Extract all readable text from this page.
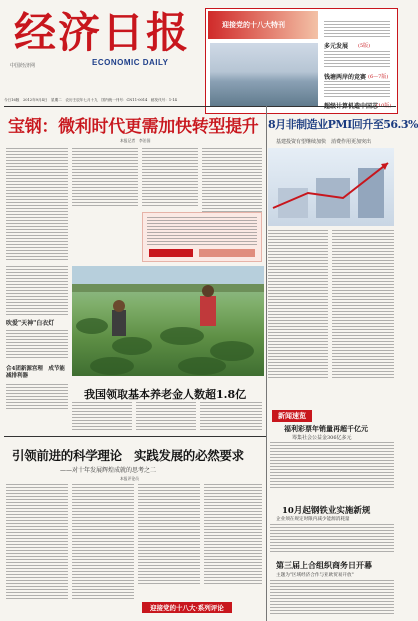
经济日报
中国经济网	ECONOMIC DAILY
迎接党的十八大特刊
多元发展 (5版)
钱塘两岸的竞赛 (6—7版)
今日16版　2012年9月4日　星期二　农历壬辰年七月十九　国内统一刊号：CN11-0014　邮发代号：1-14
宝钢：微利时代更需加快转型提升
本报记者　李治国
8月非制造业PMI回升至56.3%
基建投资有望继续加快　消费作用更加突出
吹爱"天神"白衣灯
合4团新源宫理　成节能减排利器
我国领取基本养老金人数超1.8亿
引领前进的科学理论　实践发展的必然要求
——对十年发展辉煌成就的思考之二
本报评论员
迎接党的十八大·系列评论
新闻速览
福利彩票年销量再超千亿元
筹集社会公益金306亿多元
10月起钢铁业实施新规
企业须在规定时限内减少能源消耗量
第三届上合组织商务日开幕
主题为"区域经济合作与亚欧贸易开放"
